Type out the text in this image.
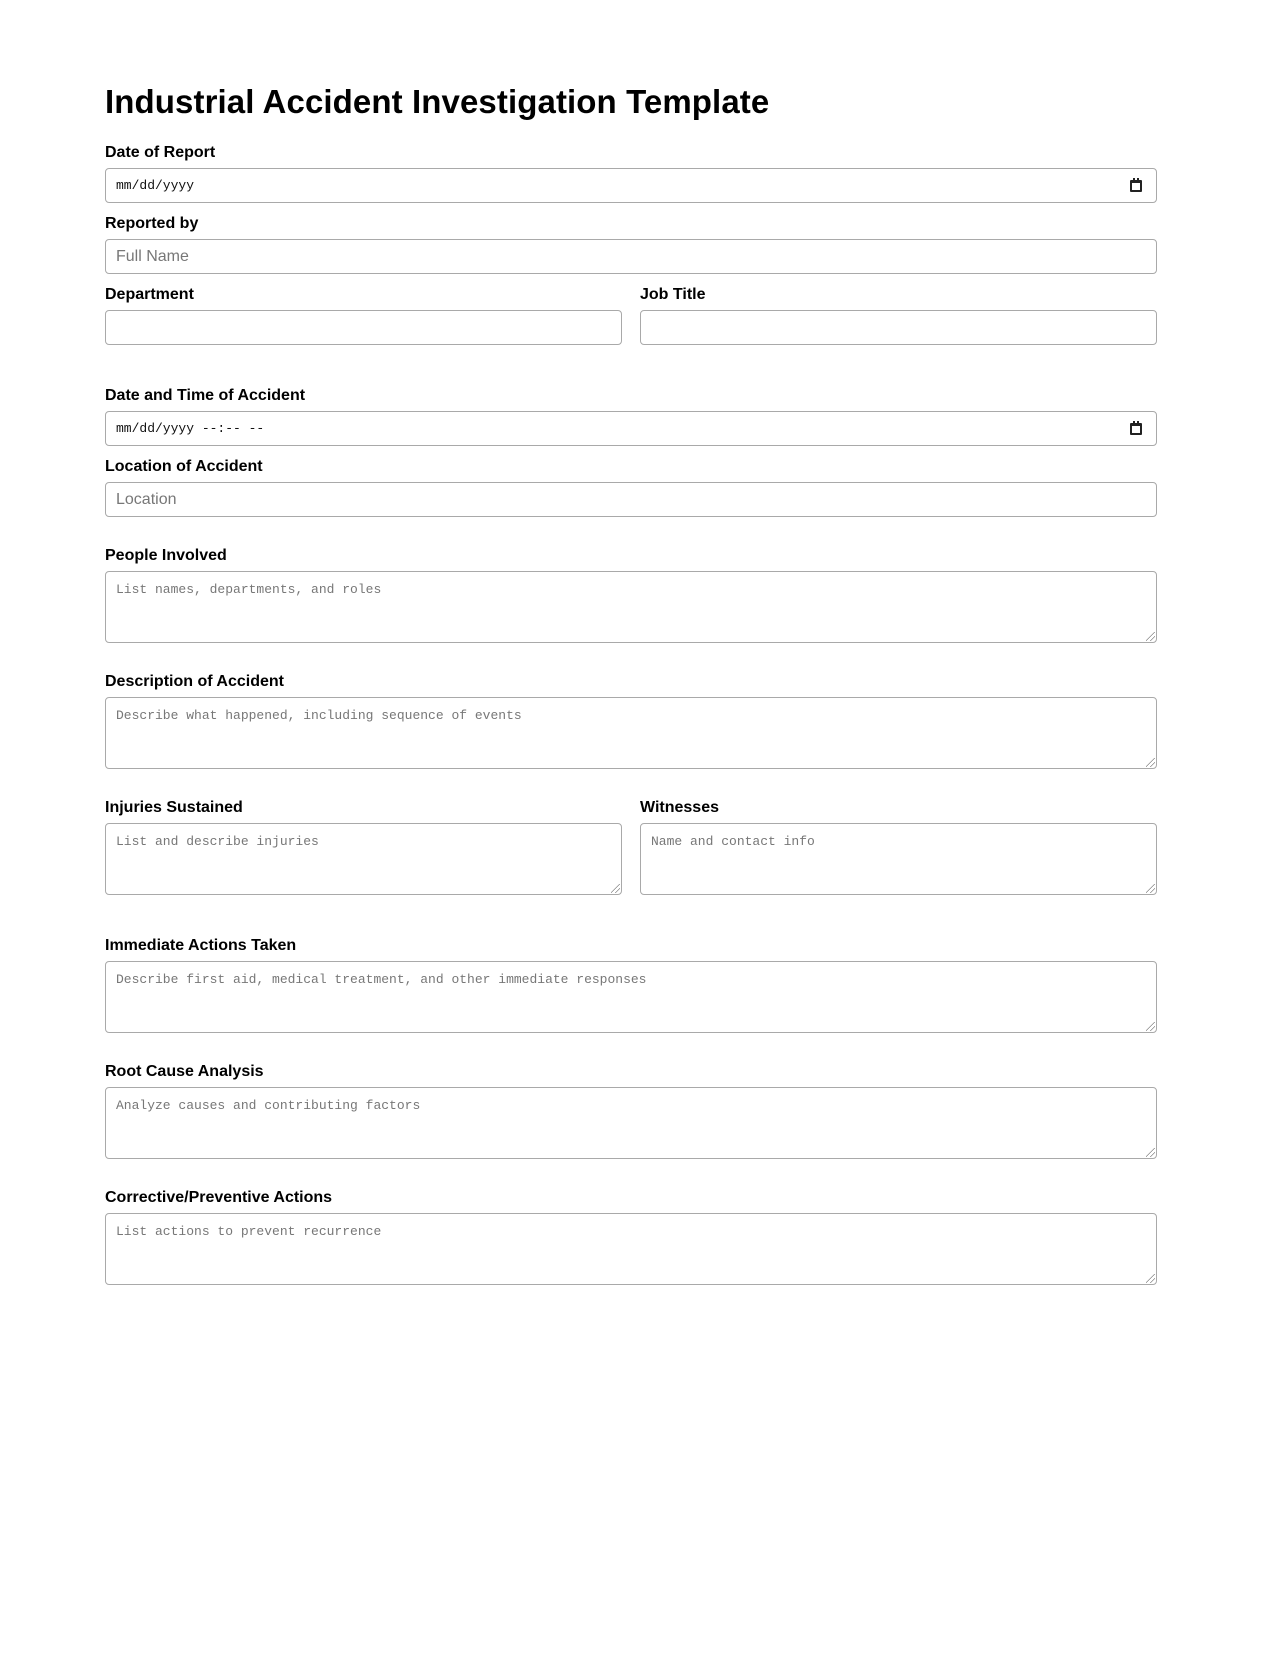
Industrial Accident Investigation Template
Date of Report
mm/dd/yyyy
Reported by
Full Name
Department	Job Title
Date and Time of Accident
mm/dd/yyyy --:-- --
Location of Accident
Location
People Involved
List names, departments, and roles
Description of Accident
Describe what happened, including sequence of events
Injuries Sustained
List and describe injuries
Witnesses
Name and contact info
Immediate Actions Taken
Describe first aid, medical treatment, and other immediate responses
Root Cause Analysis
Analyze causes and contributing factors
Corrective/Preventive Actions
List actions to prevent recurrence
